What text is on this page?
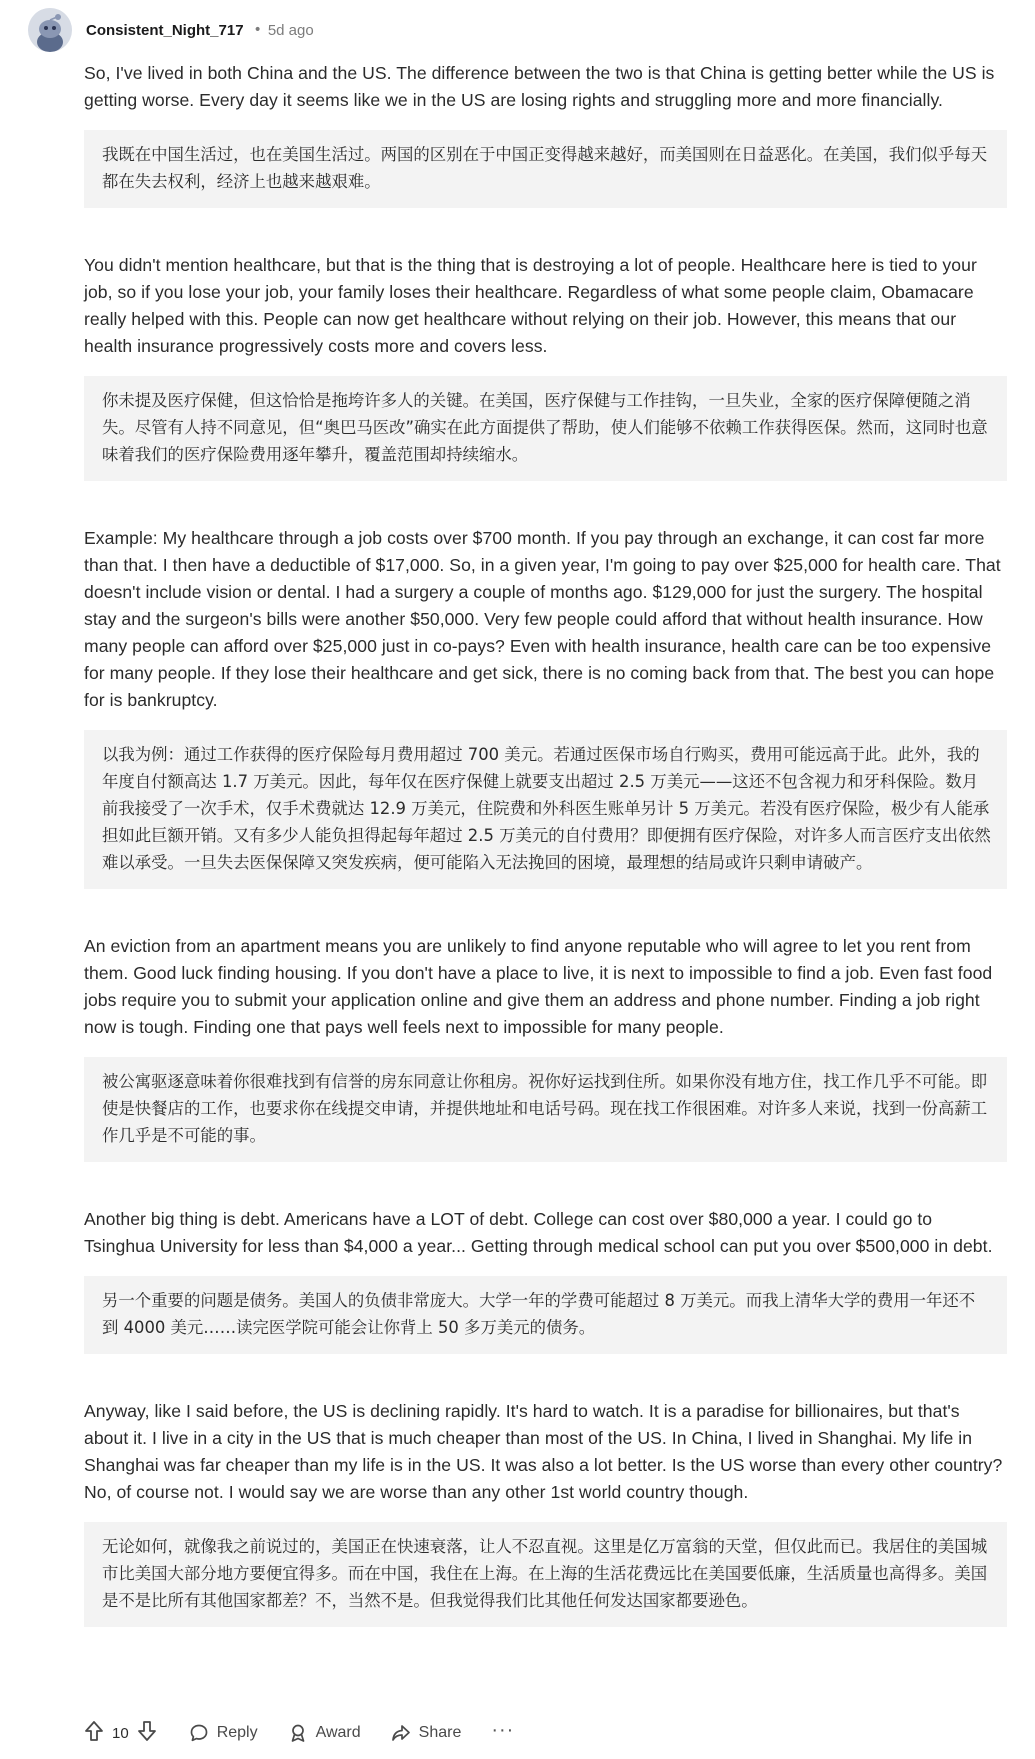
Consistent_Night_717 • 5d ago

So, I've lived in both China and the US. The difference between the two is that China is getting better while the US is getting worse. Every day it seems like we in the US are losing rights and struggling more and more financially.

我既在中国生活过，也在美国生活过。两国的区别在于中国正变得越来越好，而美国则在日益恶化。在美国，我们似乎每天都在失去权利，经济上也越来越艰难。

You didn't mention healthcare, but that is the thing that is destroying a lot of people. Healthcare here is tied to your job, so if you lose your job, your family loses their healthcare. Regardless of what some people claim, Obamacare really helped with this. People can now get healthcare without relying on their job. However, this means that our health insurance progressively costs more and covers less.

你未提及医疗保健，但这恰恰是拖垮许多人的关键。在美国，医疗保健与工作挂钩，一旦失业，全家的医疗保障便随之消失。尽管有人持不同意见，但“奥巴马医改”确实在此方面提供了帮助，使人们能够不依赖工作获得医保。然而，这同时也意味着我们的医疗保险费用逐年攀升，覆盖范围却持续缩水。

Example: My healthcare through a job costs over $700 month. If you pay through an exchange, it can cost far more than that. I then have a deductible of $17,000. So, in a given year, I'm going to pay over $25,000 for health care. That doesn't include vision or dental. I had a surgery a couple of months ago. $129,000 for just the surgery. The hospital stay and the surgeon's bills were another $50,000. Very few people could afford that without health insurance. How many people can afford over $25,000 just in co-pays? Even with health insurance, health care can be too expensive for many people. If they lose their healthcare and get sick, there is no coming back from that. The best you can hope for is bankruptcy.

以我为例：通过工作获得的医疗保险每月费用超过 700 美元。若通过医保市场自行购买，费用可能远高于此。此外，我的年度自付额高达 1.7 万美元。因此，每年仅在医疗保健上就要支出超过 2.5 万美元——这还不包含视力和牙科保险。数月前我接受了一次手术，仅手术费就达 12.9 万美元，住院费和外科医生账单另计 5 万美元。若没有医疗保险，极少有人能承担如此巨额开销。又有多少人能负担得起每年超过 2.5 万美元的自付费用？即便拥有医疗保险，对许多人而言医疗支出依然难以承受。一旦失去医保保障又突发疾病，便可能陷入无法挽回的困境，最理想的结局或许只剩申请破产。

An eviction from an apartment means you are unlikely to find anyone reputable who will agree to let you rent from them. Good luck finding housing. If you don't have a place to live, it is next to impossible to find a job. Even fast food jobs require you to submit your application online and give them an address and phone number. Finding a job right now is tough. Finding one that pays well feels next to impossible for many people.

被公寓驱逐意味着你很难找到有信誉的房东同意让你租房。祝你好运找到住所。如果你没有地方住，找工作几乎不可能。即使是快餐店的工作，也要求你在线提交申请，并提供地址和电话号码。现在找工作很困难。对许多人来说，找到一份高薪工作几乎是不可能的事。

Another big thing is debt. Americans have a LOT of debt. College can cost over $80,000 a year. I could go to Tsinghua University for less than $4,000 a year... Getting through medical school can put you over $500,000 in debt.

另一个重要的问题是债务。美国人的负债非常庞大。大学一年的学费可能超过 8 万美元。而我上清华大学的费用一年还不到 4000 美元……读完医学院可能会让你背上 50 多万美元的债务。

Anyway, like I said before, the US is declining rapidly. It's hard to watch. It is a paradise for billionaires, but that's about it. I live in a city in the US that is much cheaper than most of the US. In China, I lived in Shanghai. My life in Shanghai was far cheaper than my life is in the US. It was also a lot better. Is the US worse than every other country? No, of course not. I would say we are worse than any other 1st world country though.

无论如何，就像我之前说过的，美国正在快速衰落，让人不忍直视。这里是亿万富翁的天堂，但仅此而已。我居住的美国城市比美国大部分地方要便宜得多。而在中国，我住在上海。在上海的生活花费远比在美国要低廉，生活质量也高得多。美国是不是比所有其他国家都差？不，当然不是。但我觉得我们比其他任何发达国家都要逊色。
10	Reply	Award	Share ···
